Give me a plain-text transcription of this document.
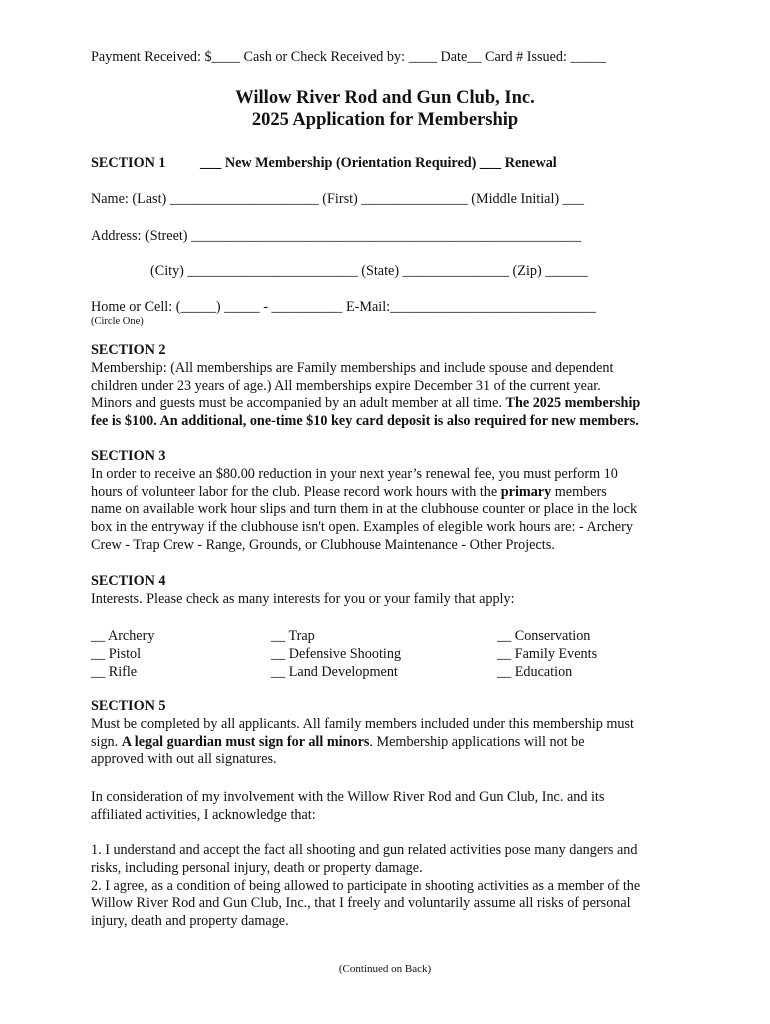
Payment Received: $____ Cash or Check Received by: ____ Date__ Card # Issued: _____
Willow River Rod and Gun Club, Inc.
2025 Application for Membership
SECTION 1 ___ New Membership (Orientation Required) ___ Renewal
Name: (Last) _____________________ (First) _______________ (Middle Initial) ___
Address: (Street) _______________________________________________________
(City) ________________________ (State) _______________ (Zip) ______
Home or Cell: (_____) _____ - __________ E-Mail:_____________________________
(Circle One)
SECTION 2
Membership: (All memberships are Family memberships and include spouse and dependent
children under 23 years of age.) All memberships expire December 31 of the current year.
Minors and guests must be accompanied by an adult member at all time. The 2025 membership
fee is $100. An additional, one-time $10 key card deposit is also required for new members.
SECTION 3
In order to receive an $80.00 reduction in your next year’s renewal fee, you must perform 10
hours of volunteer labor for the club. Please record work hours with the primary members
name on available work hour slips and turn them in at the clubhouse counter or place in the lock
box in the entryway if the clubhouse isn't open. Examples of elegible work hours are: - Archery
Crew - Trap Crew - Range, Grounds, or Clubhouse Maintenance - Other Projects.
SECTION 4
Interests. Please check as many interests for you or your family that apply:
__ Archery
__ Pistol
__ Rifle
__ Trap
__ Defensive Shooting
__ Land Development
__ Conservation
__ Family Events
__ Education
SECTION 5
Must be completed by all applicants. All family members included under this membership must
sign. A legal guardian must sign for all minors. Membership applications will not be
approved with out all signatures.
In consideration of my involvement with the Willow River Rod and Gun Club, Inc. and its
affiliated activities, I acknowledge that:
1. I understand and accept the fact all shooting and gun related activities pose many dangers and
risks, including personal injury, death or property damage.
2. I agree, as a condition of being allowed to participate in shooting activities as a member of the
Willow River Rod and Gun Club, Inc., that I freely and voluntarily assume all risks of personal
injury, death and property damage.
(Continued on Back)
